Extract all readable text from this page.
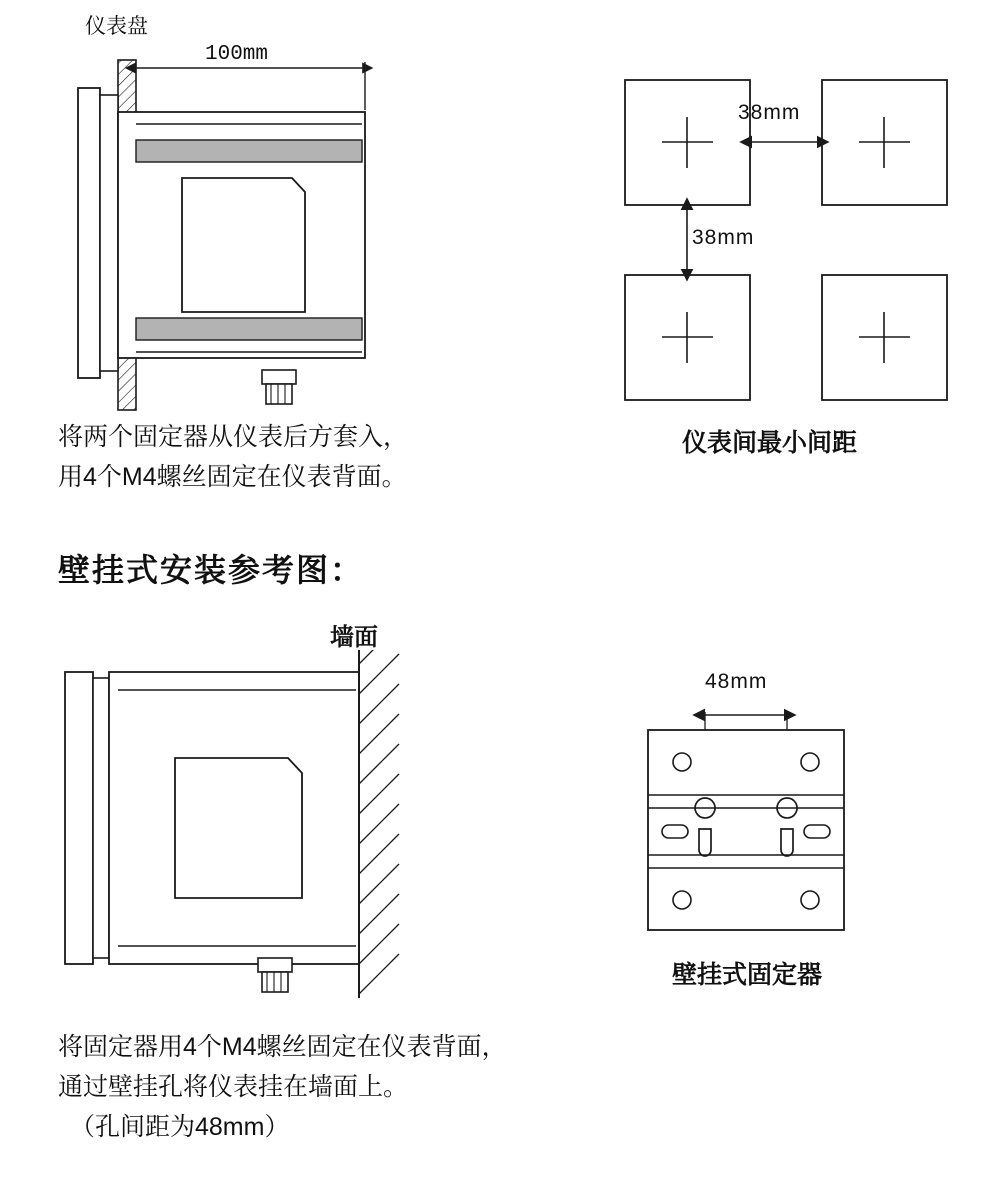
仪表盘
100mm
将两个固定器从仪表后方套入，
用4个M4螺丝固定在仪表背面。
38mm
38mm
仪表间最小间距
壁挂式安装参考图：
墙面
将固定器用4个M4螺丝固定在仪表背面，
通过壁挂孔将仪表挂在墙面上。
（孔间距为48mm）
48mm
壁挂式固定器
